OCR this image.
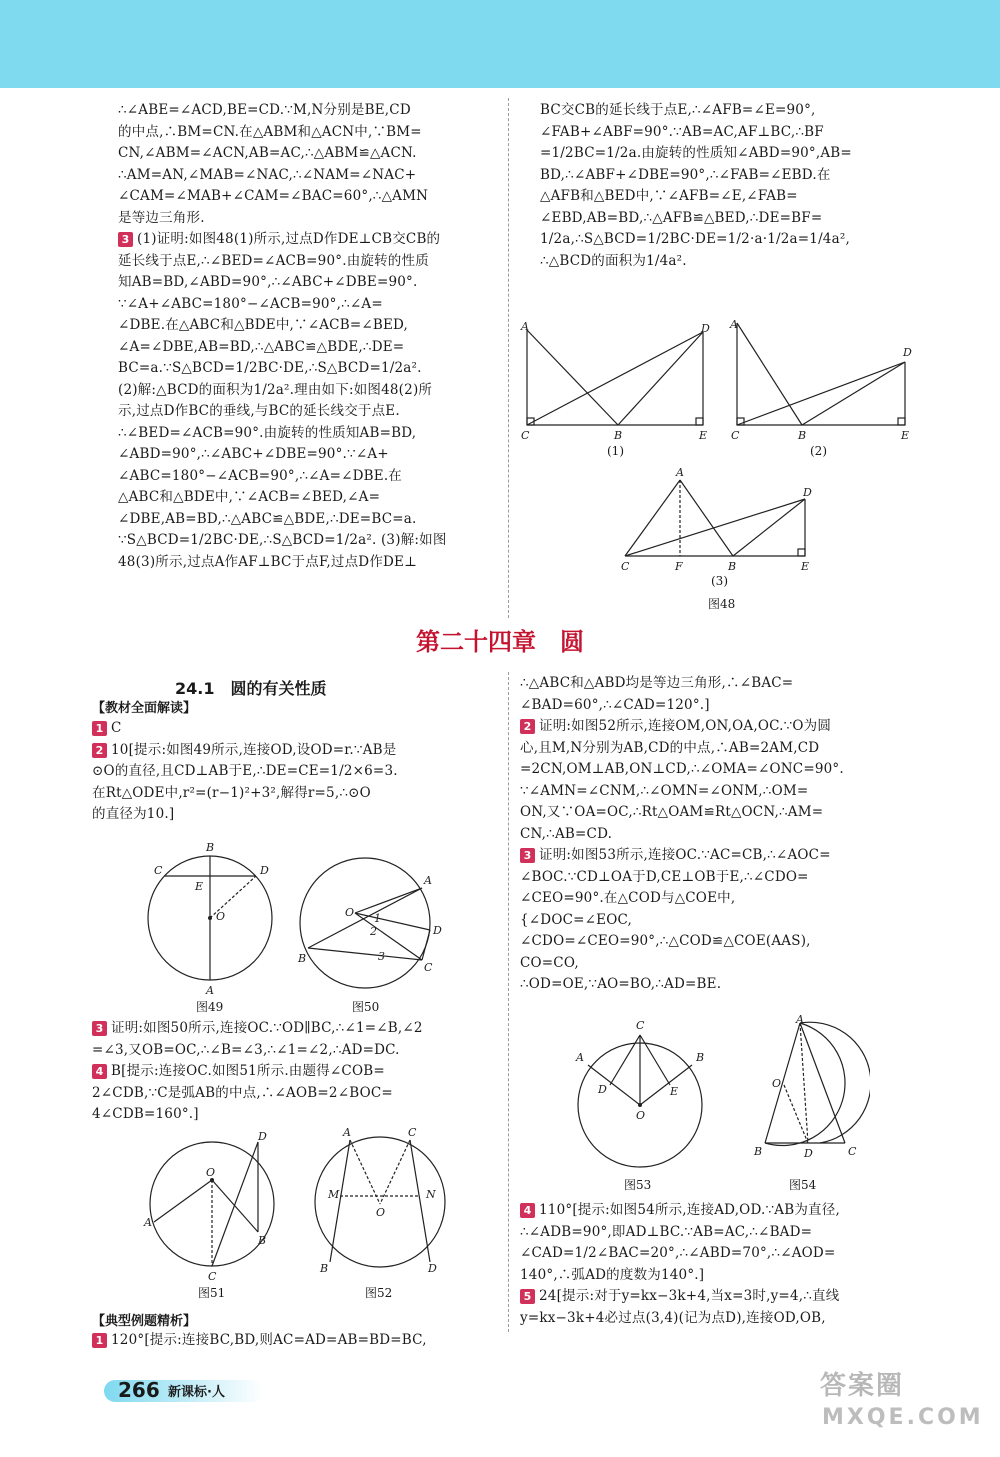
∴∠ABE=∠ACD,BE=CD.∵M,N分别是BE,CD

的中点,∴BM=CN.在△ABM和△ACN中,∵BM=

CN,∠ABM=∠ACN,AB=AC,∴△ABM≌△ACN.

∴AM=AN,∠MAB=∠NAC,∴∠NAM=∠NAC+

∠CAM=∠MAB+∠CAM=∠BAC=60°,∴△AMN

是等边三角形.

3 (1)证明:如图48(1)所示,过点D作DE⊥CB交CB的

延长线于点E,∴∠BED=∠ACB=90°.由旋转的性质

知AB=BD,∠ABD=90°,∴∠ABC+∠DBE=90°.

∵∠A+∠ABC=180°−∠ACB=90°,∴∠A=

∠DBE.在△ABC和△BDE中,∵∠ACB=∠BED,

∠A=∠DBE,AB=BD,∴△ABC≌△BDE,∴DE=

BC=a.∵S△BCD=1/2BC·DE,∴S△BCD=1/2a².

(2)解:△BCD的面积为1/2a².理由如下:如图48(2)所

示,过点D作BC的垂线,与BC的延长线交于点E.

∴∠BED=∠ACB=90°.由旋转的性质知AB=BD,

∠ABD=90°,∴∠ABC+∠DBE=90°.∵∠A+

∠ABC=180°−∠ACB=90°,∴∠A=∠DBE.在

△ABC和△BDE中,∵∠ACB=∠BED,∠A=

∠DBE,AB=BD,∴△ABC≌△BDE,∴DE=BC=a.

∵S△BCD=1/2BC·DE,∴S△BCD=1/2a². (3)解:如图

48(3)所示,过点A作AF⊥BC于点F,过点D作DE⊥

BC交CB的延长线于点E,∴∠AFB=∠E=90°,

∠FAB+∠ABF=90°.∵AB=AC,AF⊥BC,∴BF

=1/2BC=1/2a.由旋转的性质知∠ABD=90°,AB=

BD,∴∠ABF+∠DBE=90°,∴∠FAB=∠EBD.在

△AFB和△BED中,∵∠AFB=∠E,∠FAB=

∠EBD,AB=BD,∴△AFB≌△BED,∴DE=BF=

1/2a,∴S△BCD=1/2BC·DE=1/2·a·1/2a=1/4a²,

∴△BCD的面积为1/4a².

A	D
C	B	E
A
D
C	B	E
A
D
C	F	B	E
(1)	(2)
(3)
图48
第二十四章　圆
24.1　圆的有关性质
【教材全面解读】

1 C

2 10[提示:如图49所示,连接OD,设OD=r.∵AB是

⊙O的直径,且CD⊥AB于E,∴DE=CE=1/2×6=3.

在Rt△ODE中,r²=(r−1)²+3²,解得r=5,∴⊙O

的直径为10.]

B
C	D
E
O
A
A
D
C
B
O 1
2
3
图49	图50

3 证明:如图50所示,连接OC.∵OD∥BC,∴∠1=∠B,∠2

=∠3,又OB=OC,∴∠B=∠3,∴∠1=∠2,∴AD=DC.

4 B[提示:连接OC.如图51所示.由题得∠COB=

2∠CDB,∵C是弧AB的中点,∴∠AOB=2∠BOC=

4∠CDB=160°.]

O
D
A
B
C
A	C
M	N
O
B	D
图51	图52
【典型例题精析】

1 120°[提示:连接BC,BD,则AC=AD=AB=BD=BC,

∴△ABC和△ABD均是等边三角形,∴∠BAC=

∠BAD=60°,∴∠CAD=120°.]

2 证明:如图52所示,连接OM,ON,OA,OC.∵O为圆

心,且M,N分别为AB,CD的中点,∴AB=2AM,CD

=2CN,OM⊥AB,ON⊥CD,∴∠OMA=∠ONC=90°.

∵∠AMN=∠CNM,∴∠OMN=∠ONM,∴OM=

ON,又∵OA=OC,∴Rt△OAM≌Rt△OCN,∴AM=

CN,∴AB=CD.

3 证明:如图53所示,连接OC.∵AC=CB,∴∠AOC=

∠BOC.∵CD⊥OA于D,CE⊥OB于E,∴∠CDO=

∠CEO=90°.在△COD与△COE中,

{∠DOC=∠EOC,

∠CDO=∠CEO=90°,∴△COD≌△COE(AAS),

CO=CO,

∴OD=OE,∵AO=BO,∴AD=BE.

C
A	B
D	E
O
A
O
B	D	C
图53	图54

4 110°[提示:如图54所示,连接AD,OD.∵AB为直径,

∴∠ADB=90°,即AD⊥BC.∵AB=AC,∴∠BAD=

∠CAD=1/2∠BAC=20°,∴∠ABD=70°,∴∠AOD=

140°,∴弧AD的度数为140°.]

5 24[提示:对于y=kx−3k+4,当x=3时,y=4,∴直线

y=kx−3k+4必过点(3,4)(记为点D),连接OD,OB,

266 新课标·人	答案圈
MXQE.COM
